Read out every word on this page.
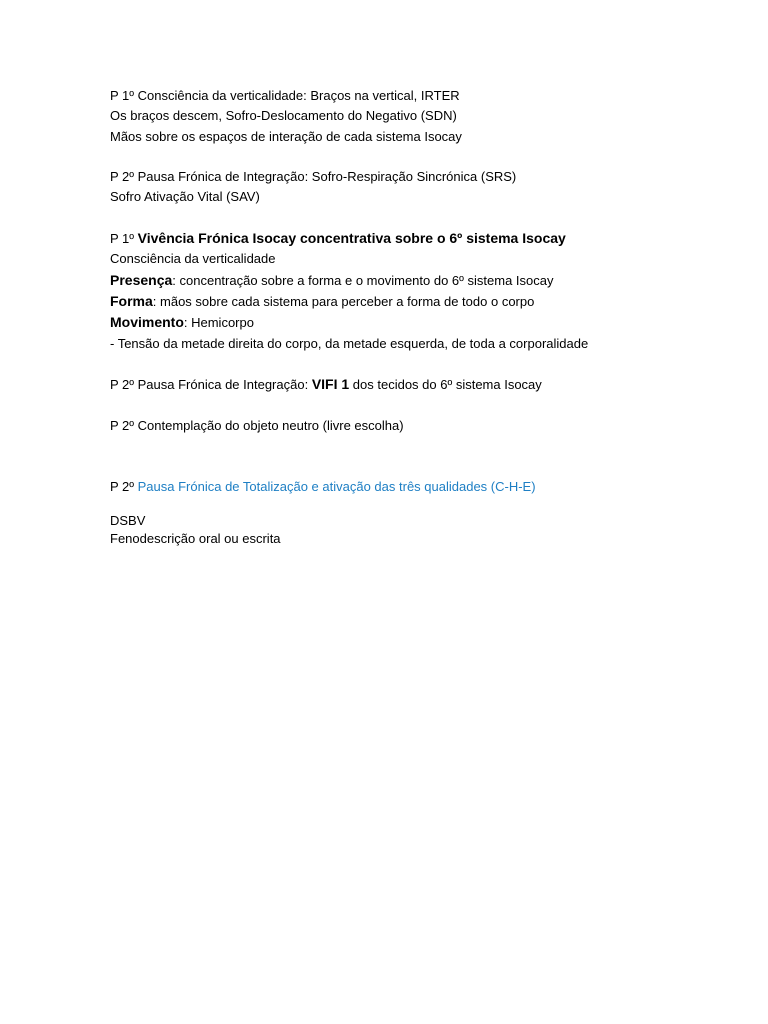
P 1º Consciência da verticalidade: Braços na vertical, IRTER
Os braços descem, Sofro-Deslocamento do Negativo (SDN)
Mãos sobre os espaços de interação de cada sistema Isocay
P 2º Pausa Frónica de Integração: Sofro-Respiração Sincrónica (SRS)
Sofro Ativação Vital (SAV)
P 1º Vivência Frónica Isocay concentrativa sobre o 6º sistema Isocay
Consciência da verticalidade
Presença: concentração sobre a forma e o movimento do 6º sistema Isocay
Forma: mãos sobre cada sistema para perceber a forma de todo o corpo
Movimento: Hemicorpo
- Tensão da metade direita do corpo, da metade esquerda, de toda a corporalidade
P 2º Pausa Frónica de Integração: VIFI 1 dos tecidos do 6º sistema Isocay
P 2º Contemplação do objeto neutro (livre escolha)
P 2º Pausa Frónica de Totalização e ativação das três qualidades (C-H-E)
DSBV
Fenodescrição oral ou escrita
